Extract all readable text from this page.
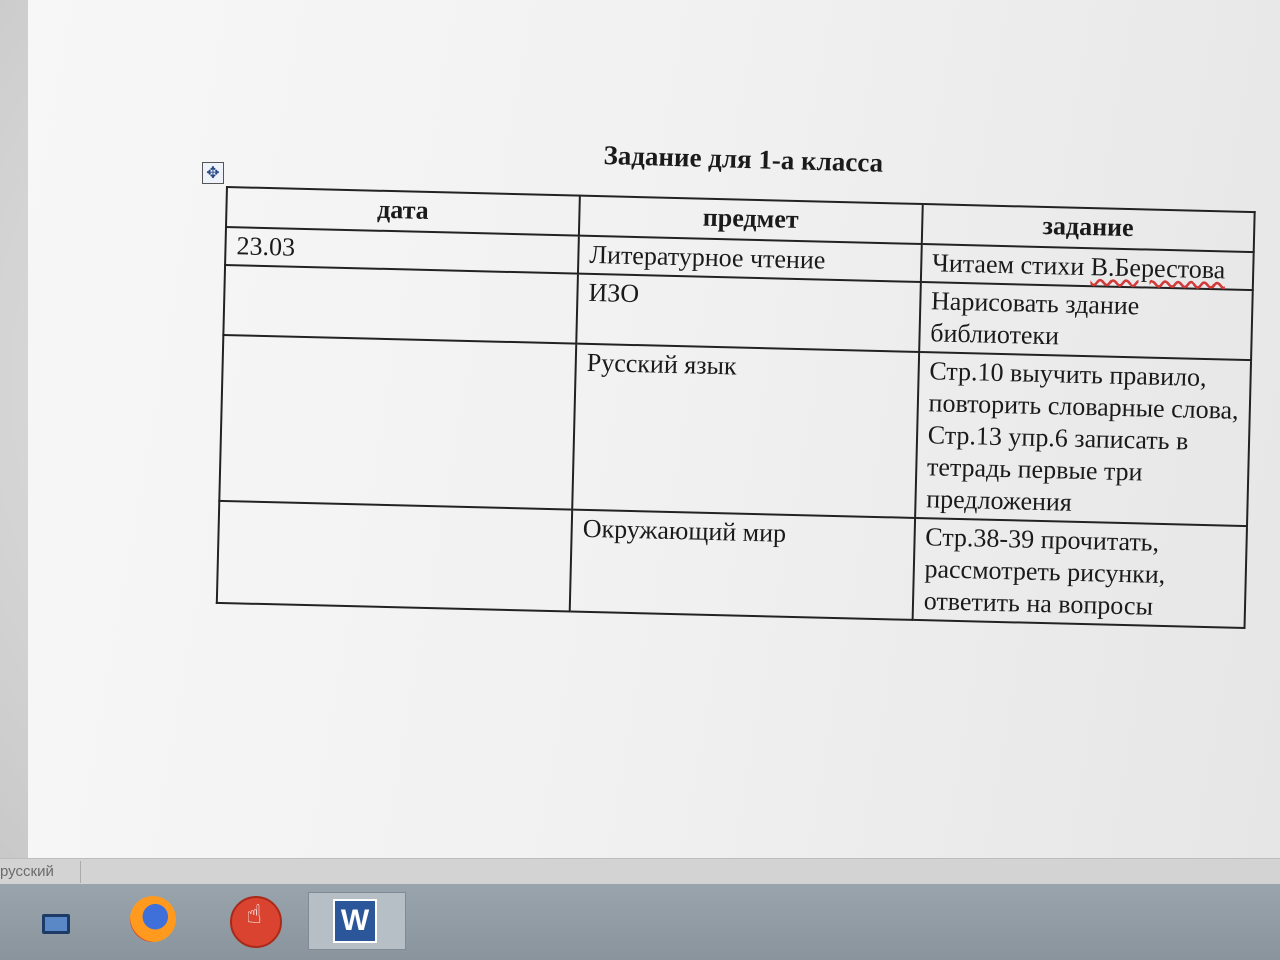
Задание для 1-а класса
✥
дата	предмет	задание
23.03	Литературное чтение	Читаем стихи В.Берестова
	ИЗО	Нарисовать здание библиотеки
	Русский язык	Стр.10 выучить правило, повторить словарные слова, Стр.13 упр.6 записать в тетрадь первые три предложения
	Окружающий мир	Стр.38-39 прочитать, рассмотреть рисунки, ответить на вопросы
русский
☝	W
